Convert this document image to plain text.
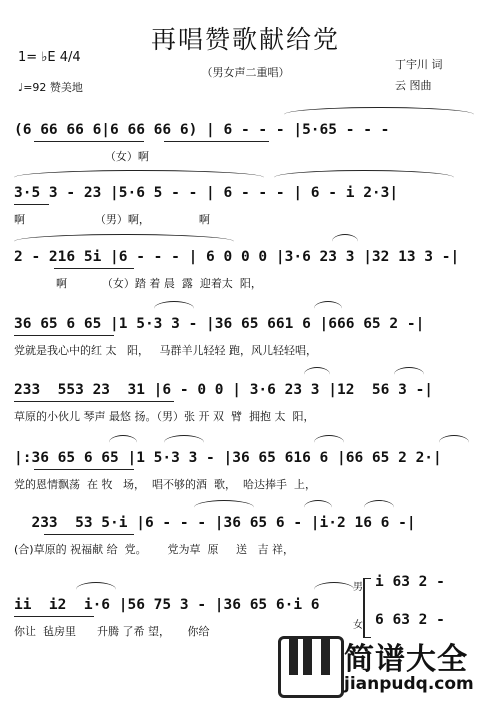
再唱赞歌献给党
（男女声二重唱）
1= ♭E 4/4
♩=92 赞美地
丁宇川 词
云 图曲
(6 66 66 6|6 66 66 6) | 6 - - - |5·65 - - -
（女）啊
3·5 3 - 23 |5·6 5 - - | 6 - - - | 6 - i 2·3|
啊                    （男）啊，              啊
2 - 216 5i |6 - - - | 6 0 0 0 |3·6 23 3 |32 13 3 -|
啊          （女）踏 着 晨  露  迎着太  阳，
36 65 6 65 |1 5·3 3 - |36 65 661 6 |666 65 2 -|
党就是我心中的红 太   阳，   马群羊儿轻轻 跑，风儿轻轻唱，
233  553 23  31 |6 - 0 0 | 3·6 23 3 |12  56 3 -|
草原的小伙儿 琴声 最悠 扬。（男）张 开 双  臂  拥抱 太  阳，
|:36 65 6 65 |1 5·3 3 - |36 65 616 6 |66 65 2 2·|
党的恩情飘荡  在 牧   场，  唱不够的酒  歌，  哈达捧手  上，
233  53 5·i |6 - - - |36 65 6 - |i·2 16 6 -|
(合)草原的 祝福献 给  党。      党为草  原     送   吉 祥，
ii  i2  i·6 |56 75 3 - |36 65 6·i 6
你让  毡房里      升腾 了希 望，     你给
男
女
i 63 2 -
6 63 2 -
简谱大全
jianpudq.com
